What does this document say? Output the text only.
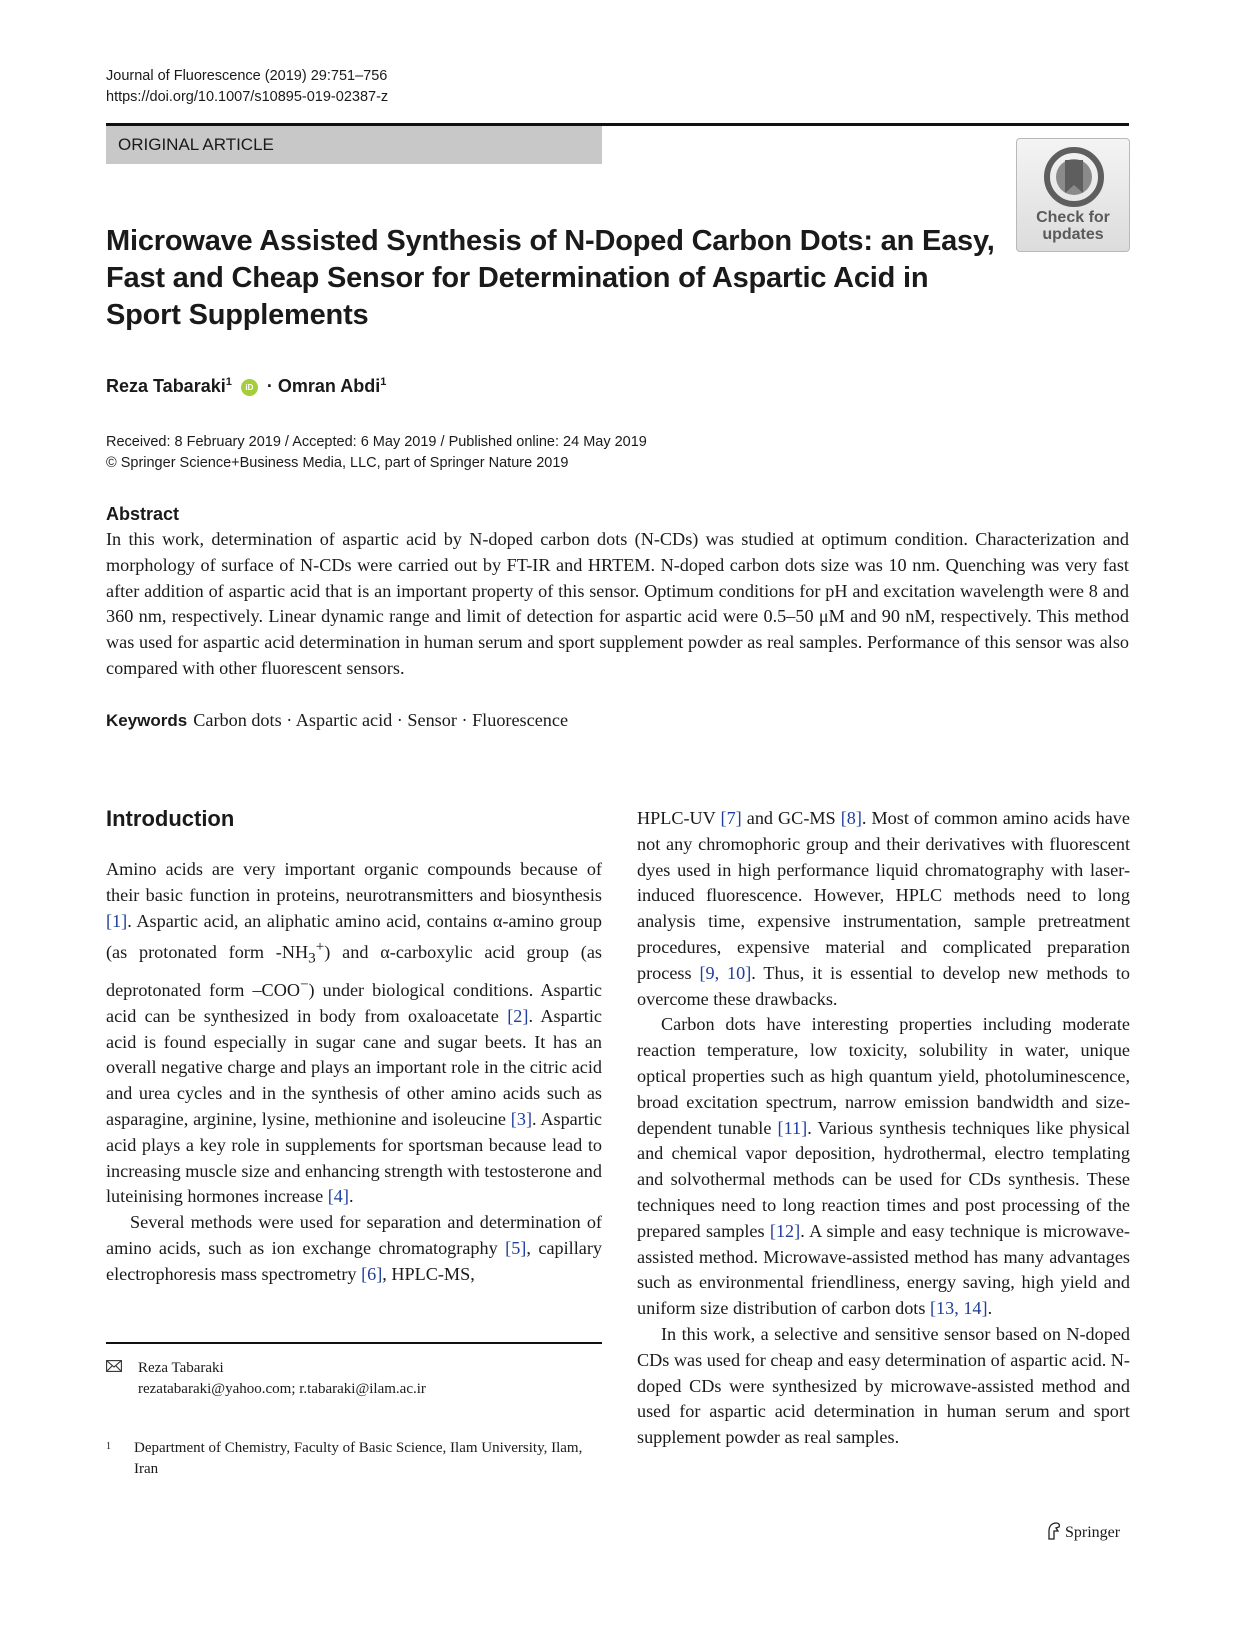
Journal of Fluorescence (2019) 29:751–756
https://doi.org/10.1007/s10895-019-02387-z
ORIGINAL ARTICLE
Check for
updates
Microwave Assisted Synthesis of N-Doped Carbon Dots: an Easy, Fast and Cheap Sensor for Determination of Aspartic Acid in Sport Supplements
Reza Tabaraki$^1$ iD · Omran Abdi$^1$
Received: 8 February 2019 / Accepted: 6 May 2019 / Published online: 24 May 2019
© Springer Science+Business Media, LLC, part of Springer Nature 2019
Abstract
In this work, determination of aspartic acid by N-doped carbon dots (N-CDs) was studied at optimum condition. Characterization and morphology of surface of N-CDs were carried out by FT-IR and HRTEM. N-doped carbon dots size was 10 nm. Quenching was very fast after addition of aspartic acid that is an important property of this sensor. Optimum conditions for pH and excitation wavelength were 8 and 360 nm, respectively. Linear dynamic range and limit of detection for aspartic acid were 0.5–50 μM and 90 nM, respectively. This method was used for aspartic acid determination in human serum and sport supplement powder as real samples. Performance of this sensor was also compared with other fluorescent sensors.
Keywords Carbon dots · Aspartic acid · Sensor · Fluorescence
Introduction

Amino acids are very important organic compounds because of their basic function in proteins, neurotransmitters and biosynthesis [1]. Aspartic acid, an aliphatic amino acid, contains α-amino group (as protonated form $-NH_3^+$) and α-carboxylic acid group (as deprotonated form –COO−) under biological conditions. Aspartic acid can be synthesized in body from oxaloacetate [2]. Aspartic acid is found especially in sugar cane and sugar beets. It has an overall negative charge and plays an important role in the citric acid and urea cycles and in the synthesis of other amino acids such as asparagine, arginine, lysine, methionine and isoleucine [3]. Aspartic acid plays a key role in supplements for sportsman because lead to increasing muscle size and enhancing strength with testosterone and luteinising hormones increase [4].

Several methods were used for separation and determination of amino acids, such as ion exchange chromatography [5], capillary electrophoresis mass spectrometry [6], HPLC-MS,

HPLC-UV [7] and GC-MS [8]. Most of common amino acids have not any chromophoric group and their derivatives with fluorescent dyes used in high performance liquid chromatography with laser-induced fluorescence. However, HPLC methods need to long analysis time, expensive instrumentation, sample pretreatment procedures, expensive material and complicated preparation process [9, 10]. Thus, it is essential to develop new methods to overcome these drawbacks.

Carbon dots have interesting properties including moderate reaction temperature, low toxicity, solubility in water, unique optical properties such as high quantum yield, photoluminescence, broad excitation spectrum, narrow emission bandwidth and size-dependent tunable [11]. Various synthesis techniques like physical and chemical vapor deposition, hydrothermal, electro templating and solvothermal methods can be used for CDs synthesis. These techniques need to long reaction times and post processing of the prepared samples [12]. A simple and easy technique is microwave-assisted method. Microwave-assisted method has many advantages such as environmental friendliness, energy saving, high yield and uniform size distribution of carbon dots [13, 14].

In this work, a selective and sensitive sensor based on N-doped CDs was used for cheap and easy determination of aspartic acid. N-doped CDs were synthesized by microwave-assisted method and used for aspartic acid determination in human serum and sport supplement powder as real samples.

Reza Tabaraki
rezatabaraki@yahoo.com; r.tabaraki@ilam.ac.ir
1 Department of Chemistry, Faculty of Basic Science, Ilam University, Ilam, Iran
Springer
